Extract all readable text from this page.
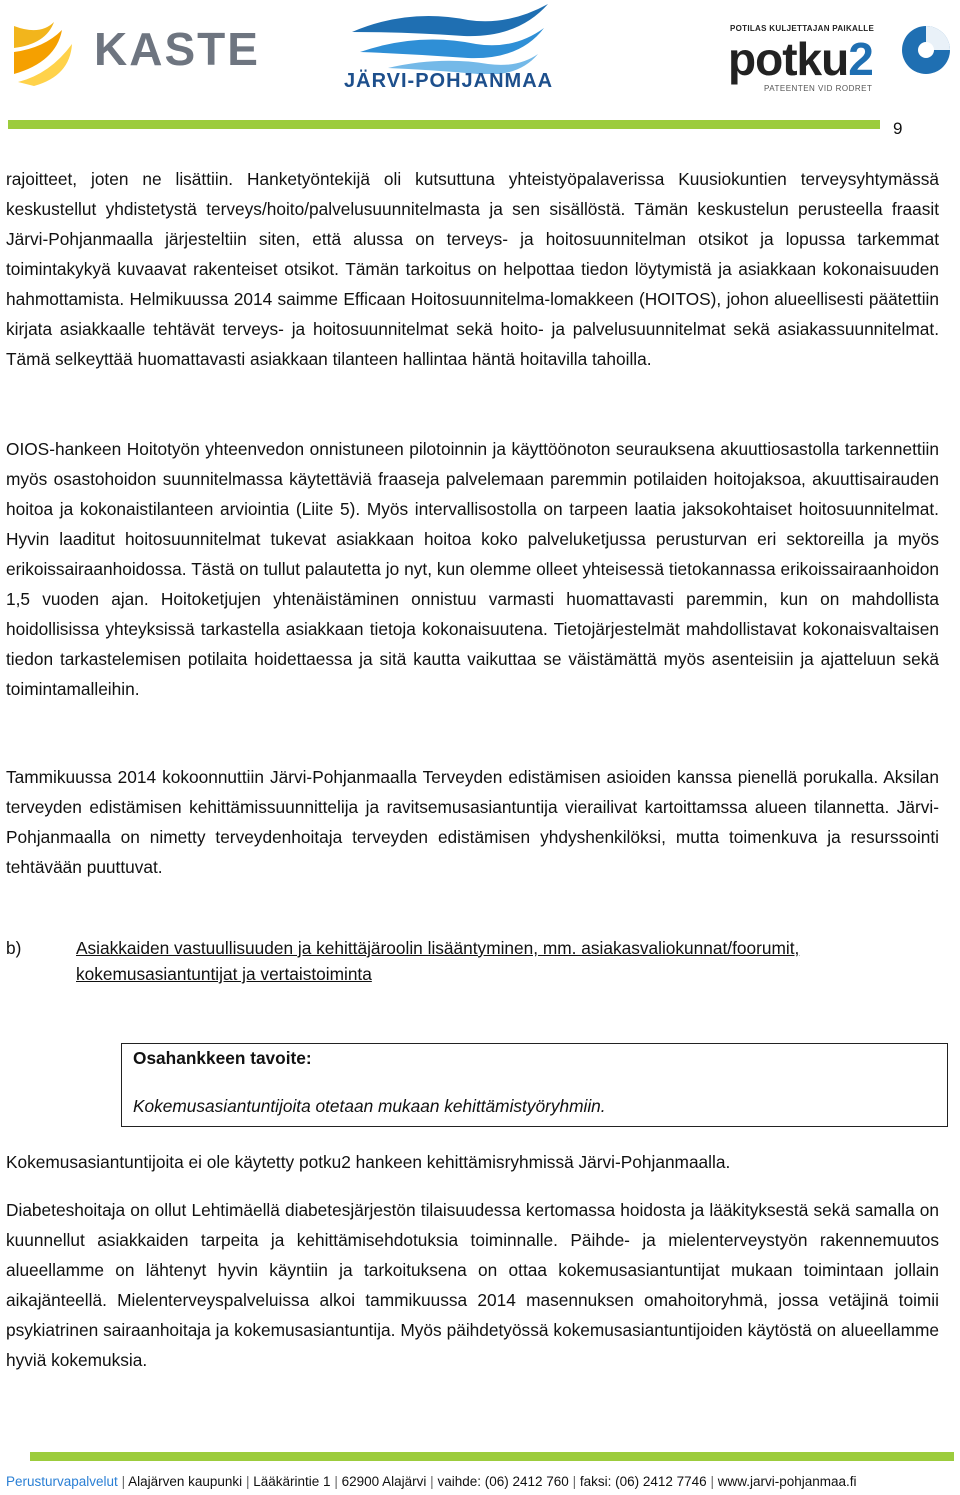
KASTE
JÄRVI-POHJANMAA
POTILAS KULJETTAJAN PAIKALLE
potku2
PATEENTEN VID RODRET
9

rajoitteet, joten ne lisättiin. Hanketyöntekijä oli kutsuttuna yhteistyöpalaverissa Kuusiokuntien terveysyhtymässä keskustellut yhdistetystä terveys/hoito/palvelusuunnitelmasta ja sen sisällöstä. Tämän keskustelun perusteella fraasit Järvi-Pohjanmaalla järjesteltiin siten, että alussa on terveys- ja hoitosuunnitelman otsikot ja lopussa tarkemmat toimintakykyä kuvaavat rakenteiset otsikot. Tämän tarkoitus on helpottaa tiedon löytymistä ja asiakkaan kokonaisuuden hahmottamista. Helmikuussa 2014 saimme Efficaan Hoitosuunnitelma-lomakkeen (HOITOS), johon alueellisesti päätettiin kirjata asiakkaalle tehtävät terveys- ja hoitosuunnitelmat sekä hoito- ja palvelusuunnitelmat sekä asiakassuunnitelmat. Tämä selkeyttää huomattavasti asiakkaan tilanteen hallintaa häntä hoitavilla tahoilla.

OIOS-hankeen Hoitotyön yhteenvedon onnistuneen pilotoinnin ja käyttöönoton seurauksena akuuttiosastolla tarkennettiin myös osastohoidon suunnitelmassa käytettäviä fraaseja palvelemaan paremmin potilaiden hoitojaksoa, akuuttisairauden hoitoa ja kokonaistilanteen arviointia (Liite 5). Myös intervallisostolla on tarpeen laatia jaksokohtaiset hoitosuunnitelmat. Hyvin laaditut hoitosuunnitelmat tukevat asiakkaan hoitoa koko palveluketjussa perusturvan eri sektoreilla ja myös erikoissairaanhoidossa. Tästä on tullut palautetta jo nyt, kun olemme olleet yhteisessä tietokannassa erikoissairaanhoidon 1,5 vuoden ajan. Hoitoketjujen yhtenäistäminen onnistuu varmasti huomattavasti paremmin, kun on mahdollista hoidollisissa yhteyksissä tarkastella asiakkaan tietoja kokonaisuutena. Tietojärjestelmät mahdollistavat kokonaisvaltaisen tiedon tarkastelemisen potilaita hoidettaessa ja sitä kautta vaikuttaa se väistämättä myös asenteisiin ja ajatteluun sekä toimintamalleihin.

Tammikuussa 2014 kokoonnuttiin Järvi-Pohjanmaalla Terveyden edistämisen asioiden kanssa pienellä porukalla. Aksilan terveyden edistämisen kehittämissuunnittelija ja ravitsemusasiantuntija vierailivat kartoittamssa alueen tilannetta. Järvi-Pohjanmaalla on nimetty terveydenhoitaja terveyden edistämisen yhdyshenkilöksi, mutta toimenkuva ja resurssointi tehtävään puuttuvat.

b)	Asiakkaiden vastuullisuuden ja kehittäjäroolin lisääntyminen, mm. asiakasvaliokunnat/foorumit, kokemusasiantuntijat ja vertaistoiminta
Osahankkeen tavoite:
Kokemusasiantuntijoita otetaan mukaan kehittämistyöryhmiin.

Kokemusasiantuntijoita ei ole käytetty potku2 hankeen kehittämisryhmissä Järvi-Pohjanmaalla.

Diabeteshoitaja on ollut Lehtimäellä diabetesjärjestön tilaisuudessa kertomassa hoidosta ja lääkityksestä sekä samalla on kuunnellut asiakkaiden tarpeita ja kehittämisehdotuksia toiminnalle. Päihde- ja mielenterveystyön rakennemuutos alueellamme on lähtenyt hyvin käyntiin ja tarkoituksena on ottaa kokemusasiantuntijat mukaan toimintaan jollain aikajänteellä. Mielenterveyspalveluissa alkoi tammikuussa 2014 masennuksen omahoitoryhmä, jossa vetäjinä toimii psykiatrinen sairaanhoitaja ja kokemusasiantuntija. Myös päihdetyössä kokemusasiantuntijoiden käytöstä on alueellamme hyviä kokemuksia.

Perusturvapalvelut | Alajärven kaupunki | Lääkärintie 1 | 62900 Alajärvi | vaihde: (06) 2412 760 | faksi: (06) 2412 7746 | www.jarvi-pohjanmaa.fi
